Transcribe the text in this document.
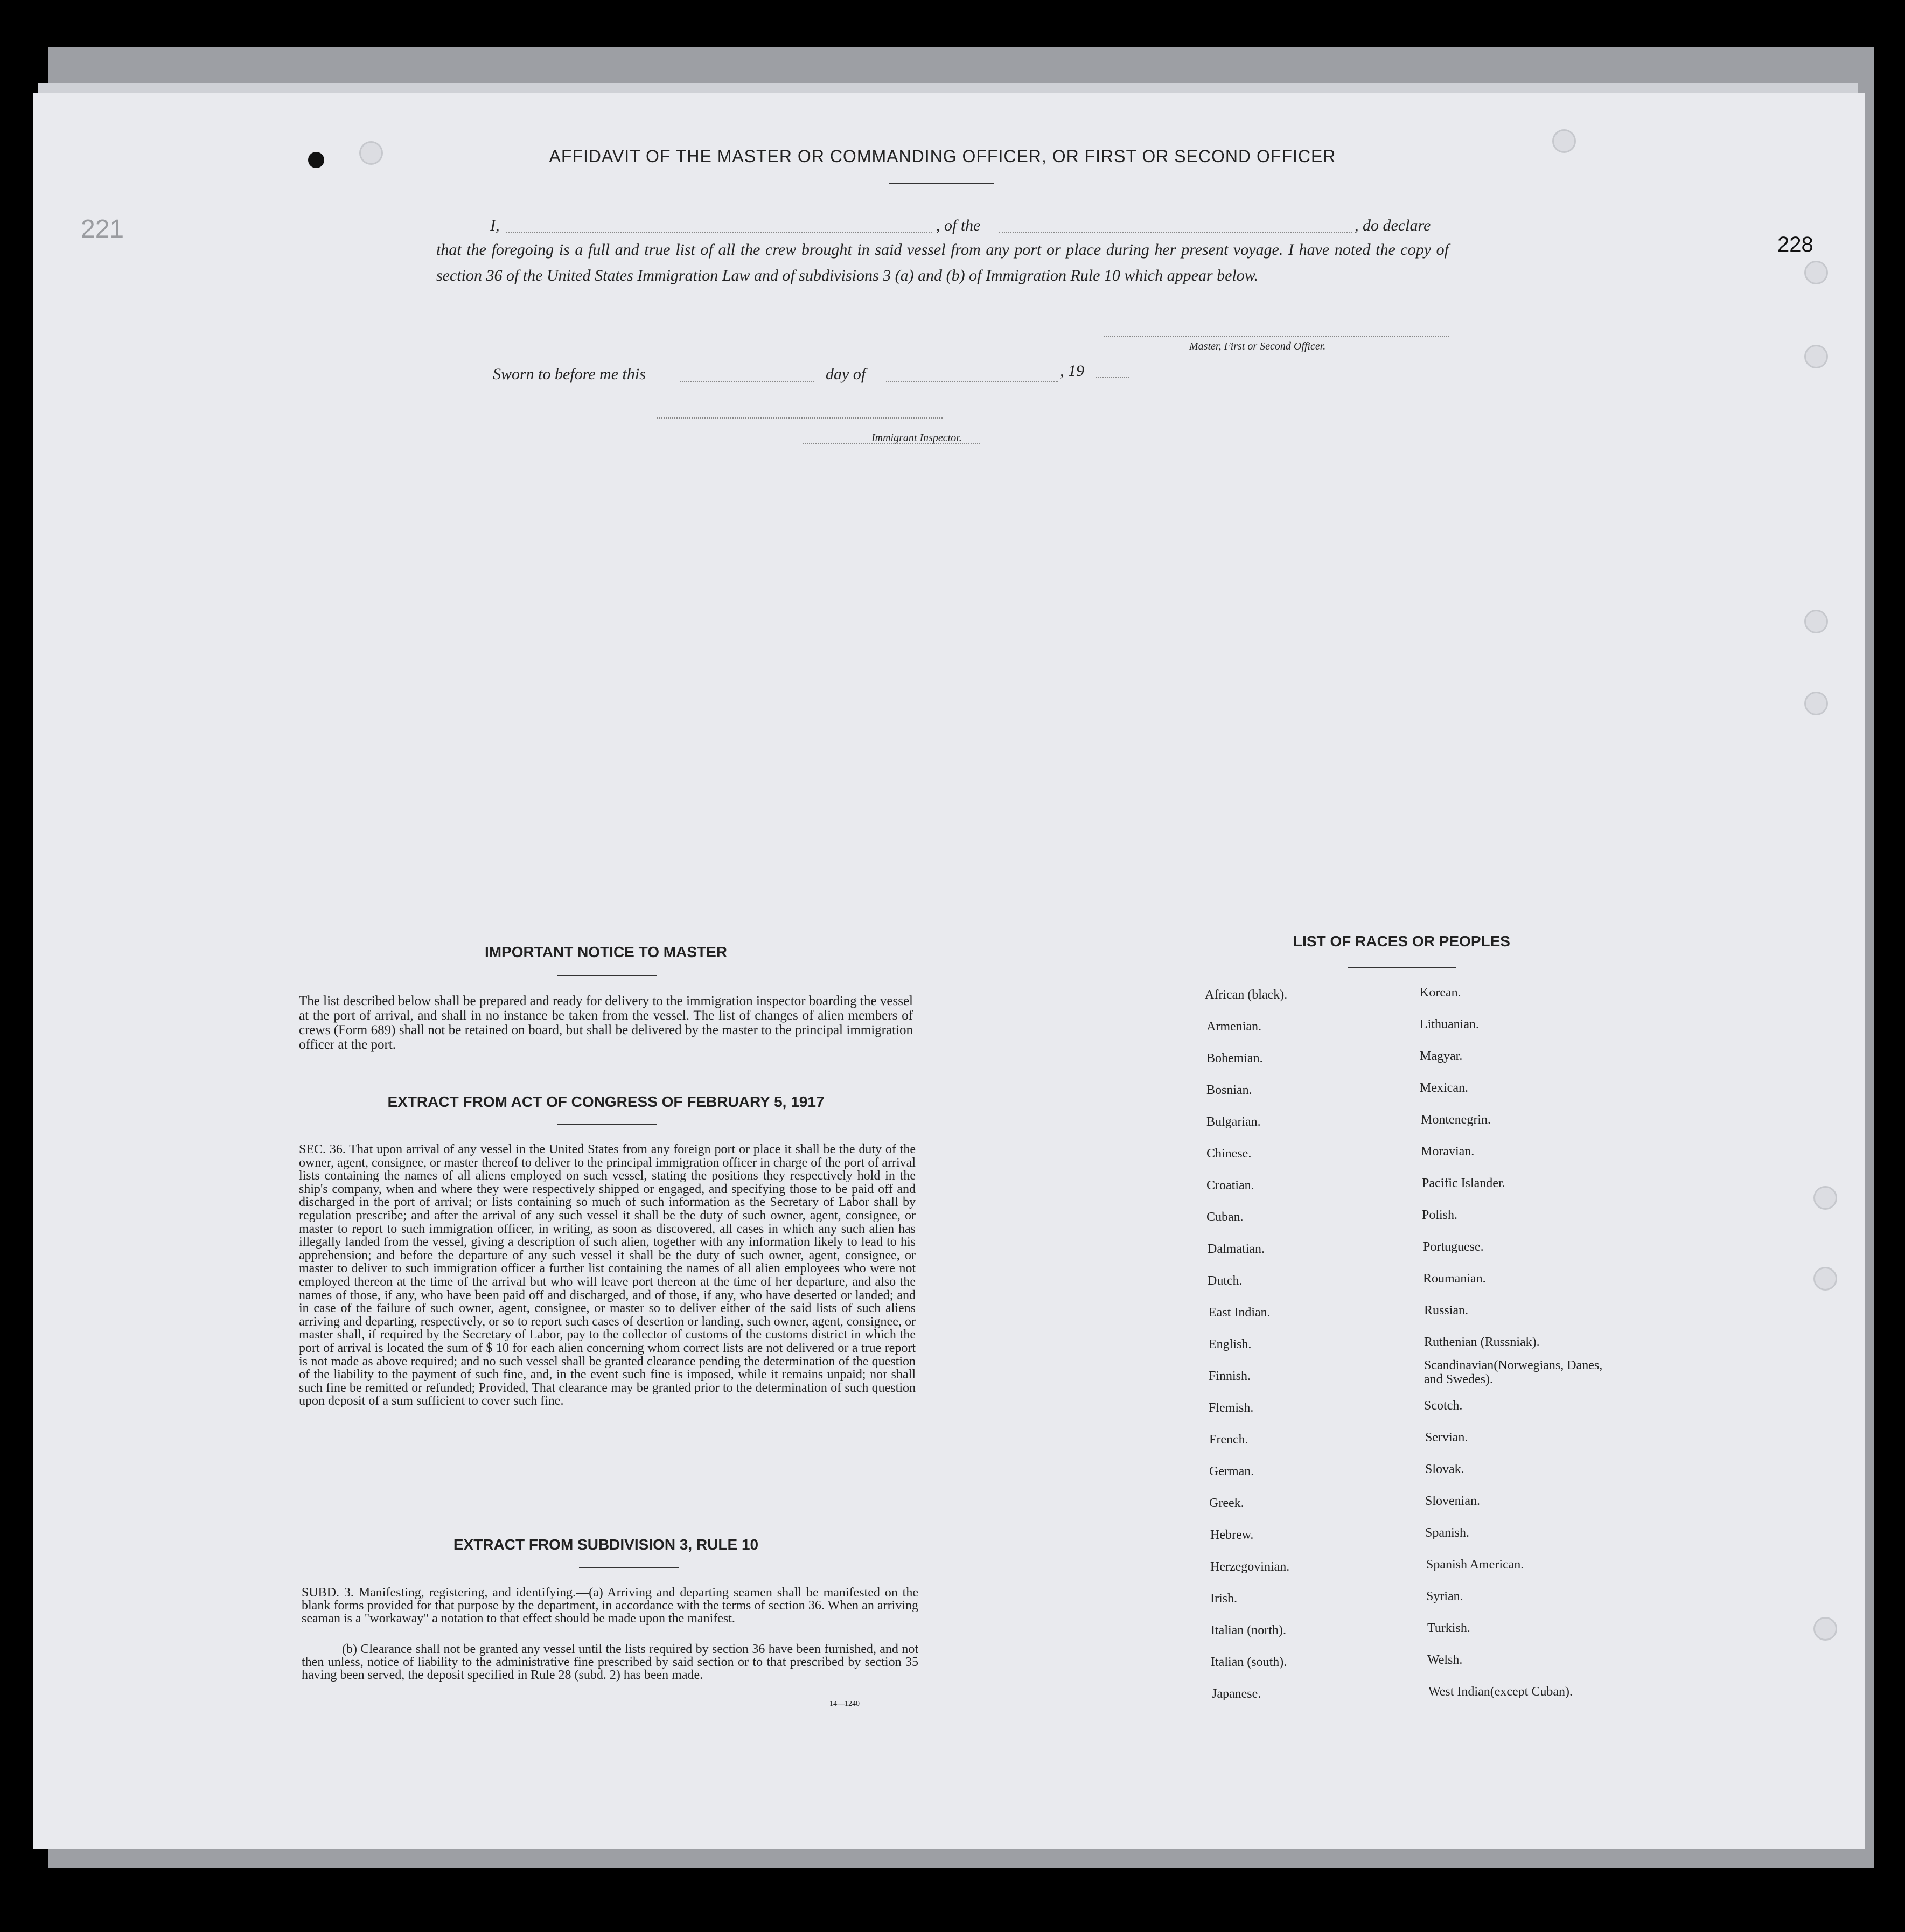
221
228
AFFIDAVIT OF THE MASTER OR COMMANDING OFFICER, OR FIRST OR SECOND OFFICER
I,	, of the	, do declare
that the foregoing is a full and true list of all the crew brought in said vessel from any port or place during her present voyage. I have noted the copy of section 36 of the United States Immigration Law and of subdivisions 3 (a) and (b) of Immigration Rule 10 which appear below.
Master, First or Second Officer.
Sworn to before me this	day of	, 19
Immigrant Inspector.
IMPORTANT NOTICE TO MASTER
The list described below shall be prepared and ready for delivery to the immigration inspector boarding the vessel at the port of arrival, and shall in no instance be taken from the vessel. The list of changes of alien members of crews (Form 689) shall not be retained on board, but shall be delivered by the master to the principal immigration officer at the port.
EXTRACT FROM ACT OF CONGRESS OF FEBRUARY 5, 1917
SEC. 36. That upon arrival of any vessel in the United States from any foreign port or place it shall be the duty of the owner, agent, consignee, or master thereof to deliver to the principal immigration officer in charge of the port of arrival lists containing the names of all aliens employed on such vessel, stating the positions they respectively hold in the ship's company, when and where they were respectively shipped or engaged, and specifying those to be paid off and discharged in the port of arrival; or lists containing so much of such information as the Secretary of Labor shall by regulation prescribe; and after the arrival of any such vessel it shall be the duty of such owner, agent, consignee, or master to report to such immigration officer, in writing, as soon as discovered, all cases in which any such alien has illegally landed from the vessel, giving a description of such alien, together with any information likely to lead to his apprehension; and before the departure of any such vessel it shall be the duty of such owner, agent, consignee, or master to deliver to such immigration officer a further list containing the names of all alien employees who were not employed thereon at the time of the arrival but who will leave port thereon at the time of her departure, and also the names of those, if any, who have been paid off and discharged, and of those, if any, who have deserted or landed; and in case of the failure of such owner, agent, consignee, or master so to deliver either of the said lists of such aliens arriving and departing, respectively, or so to report such cases of desertion or landing, such owner, agent, consignee, or master shall, if required by the Secretary of Labor, pay to the collector of customs of the customs district in which the port of arrival is located the sum of $ 10 for each alien concerning whom correct lists are not delivered or a true report is not made as above required; and no such vessel shall be granted clearance pending the determination of the question of the liability to the payment of such fine, and, in the event such fine is imposed, while it remains unpaid; nor shall such fine be remitted or refunded; Provided, That clearance may be granted prior to the determination of such question upon deposit of a sum sufficient to cover such fine.
EXTRACT FROM SUBDIVISION 3, RULE 10
SUBD. 3. Manifesting, registering, and identifying.—(a) Arriving and departing seamen shall be manifested on the blank forms provided for that purpose by the department, in accordance with the terms of section 36. When an arriving seaman is a "workaway" a notation to that effect should be made upon the manifest.
(b) Clearance shall not be granted any vessel until the lists required by section 36 have been furnished, and not then unless, notice of liability to the administrative fine prescribed by said section or to that prescribed by section 35 having been served, the deposit specified in Rule 28 (subd. 2) has been made.
14—1240
LIST OF RACES OR PEOPLES
African (black).
Armenian.
Bohemian.
Bosnian.
Bulgarian.
Chinese.
Croatian.
Cuban.
Dalmatian.
Dutch.
East Indian.
English.
Finnish.
Flemish.
French.
German.
Greek.
Hebrew.
Herzegovinian.
Irish.
Italian (north).
Italian (south).
Japanese.
Korean.
Lithuanian.
Magyar.
Mexican.
Montenegrin.
Moravian.
Pacific Islander.
Polish.
Portuguese.
Roumanian.
Russian.
Ruthenian (Russniak).
Scandinavian(Norwegians, Danes, and Swedes).
Scotch.
Servian.
Slovak.
Slovenian.
Spanish.
Spanish American.
Syrian.
Turkish.
Welsh.
West Indian(except Cuban).
